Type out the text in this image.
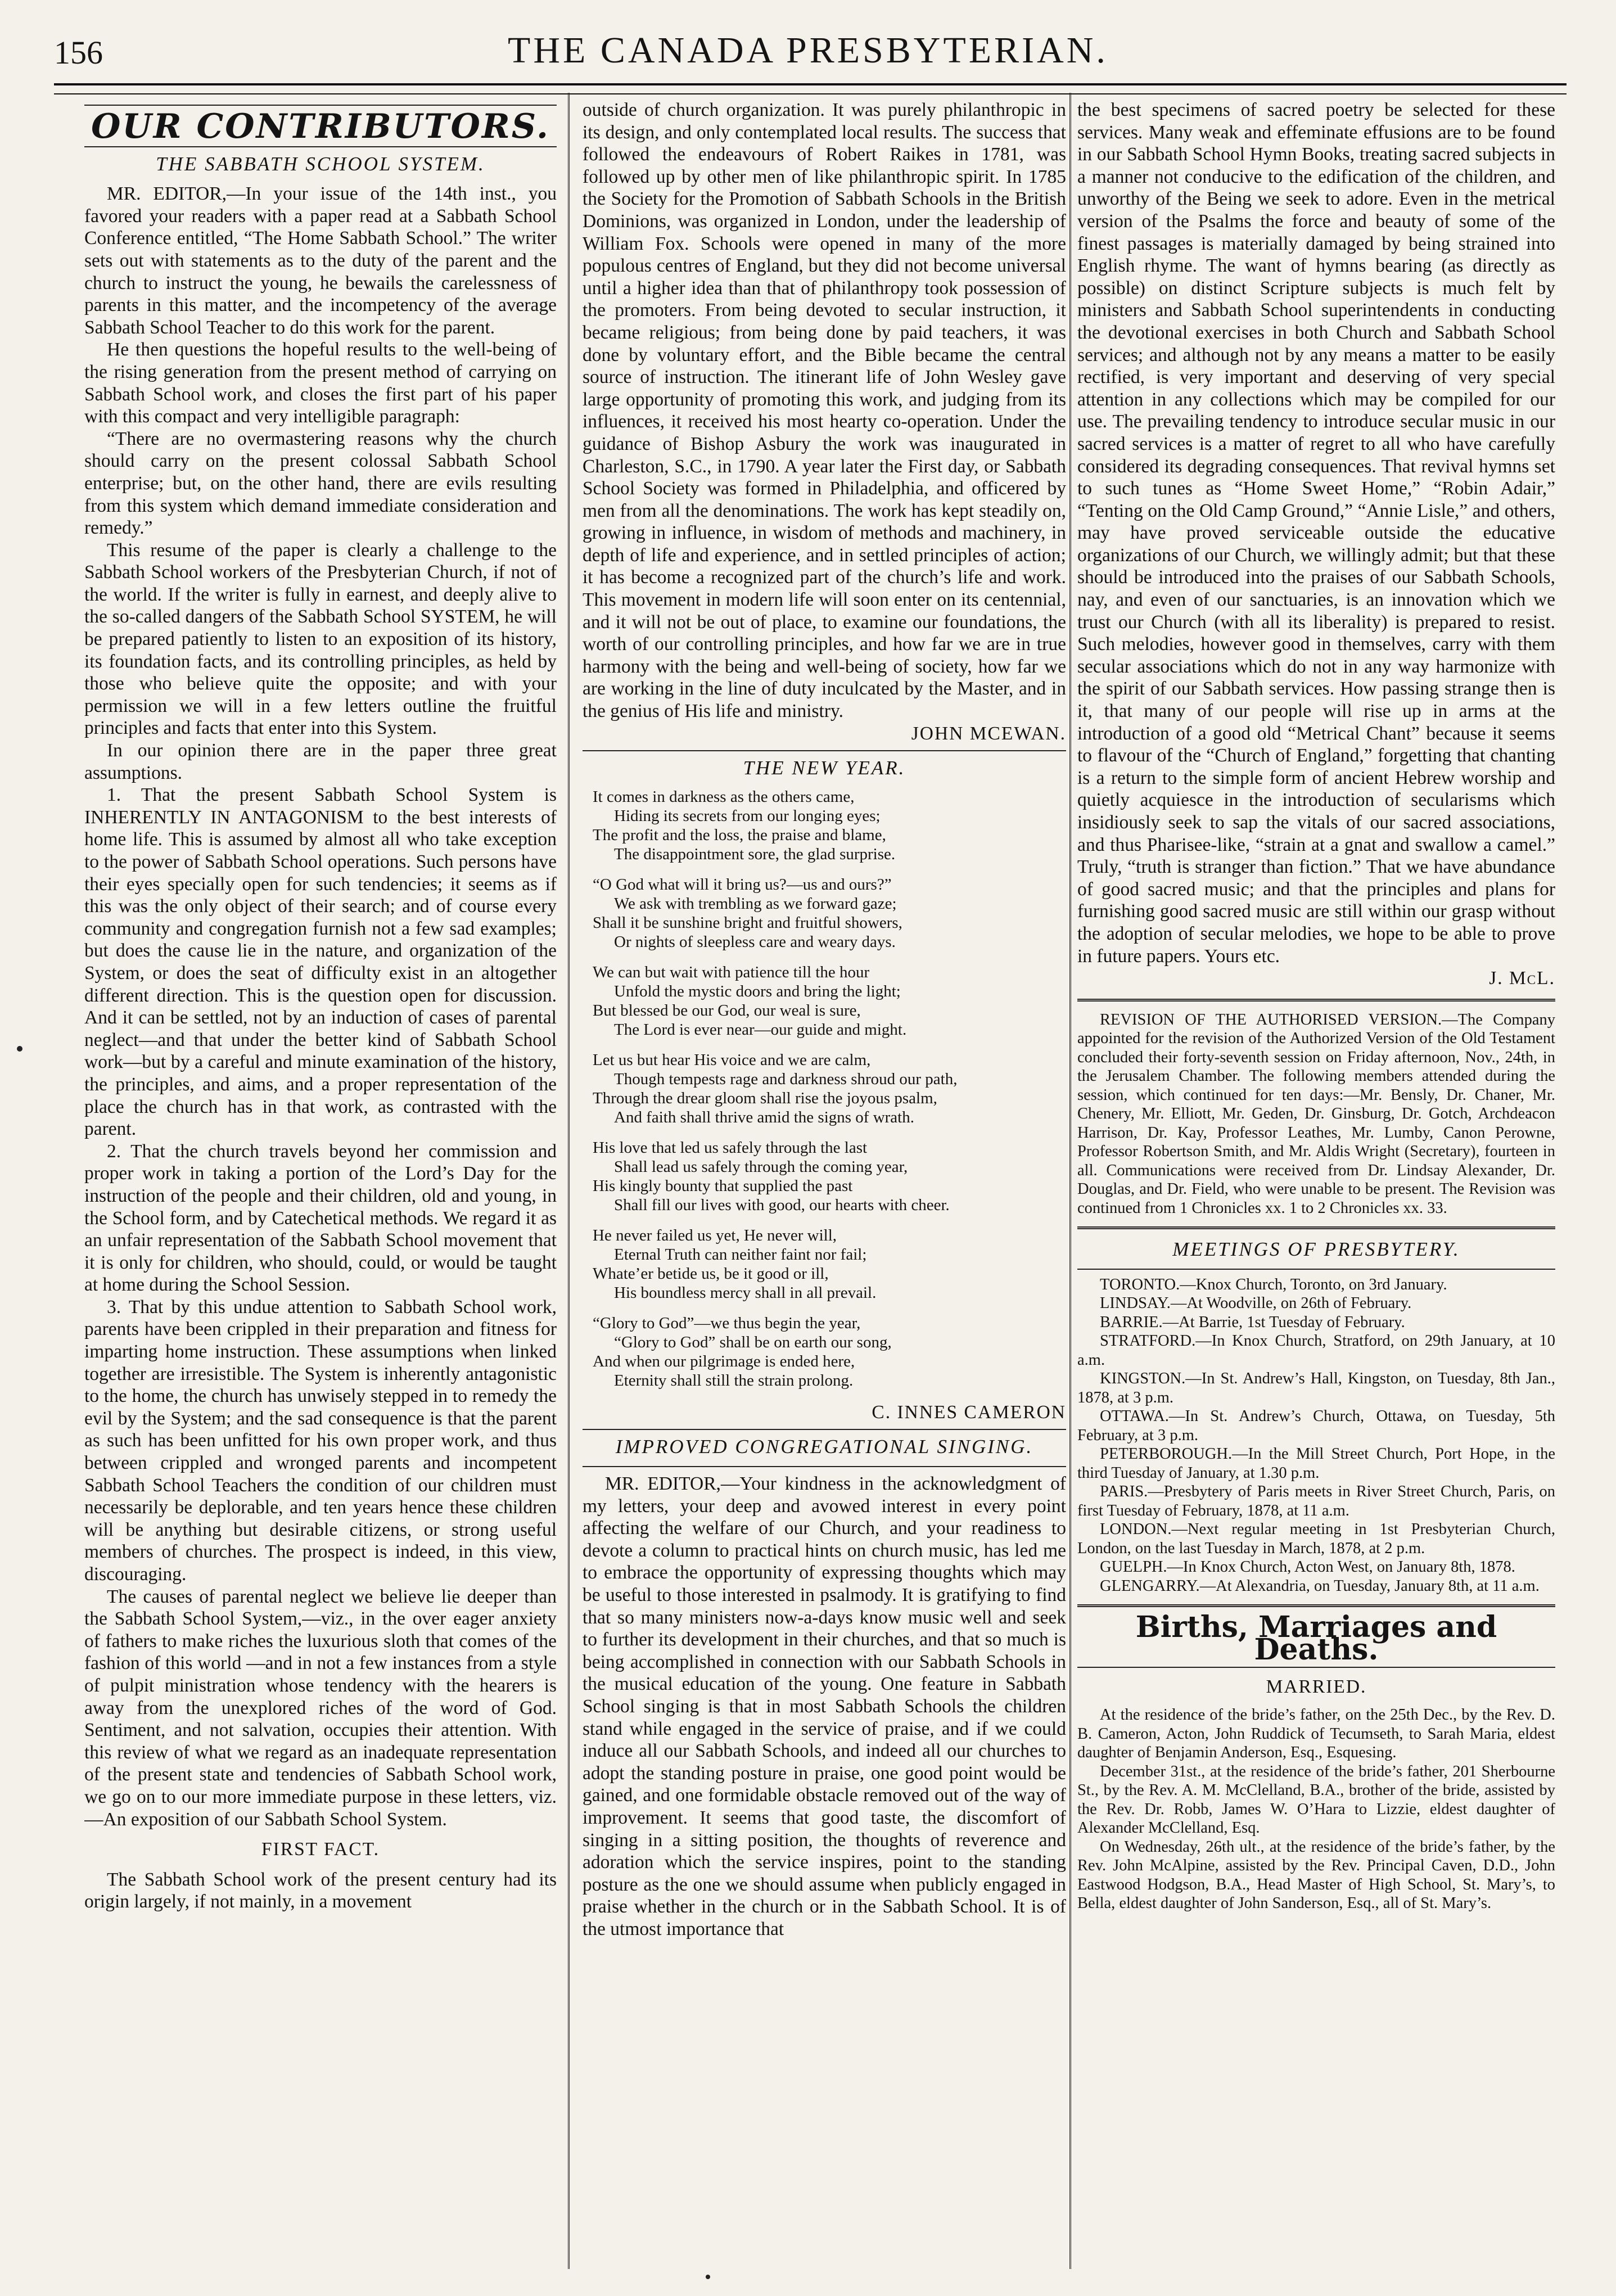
156	THE CANADA PRESBYTERIAN.
OUR CONTRIBUTORS.
THE SABBATH SCHOOL SYSTEM.

MR. EDITOR,—In your issue of the 14th inst., you favored your readers with a paper read at a Sabbath School Conference entitled, “The Home Sabbath School.” The writer sets out with statements as to the duty of the parent and the church to instruct the young, he bewails the carelessness of parents in this matter, and the incompetency of the average Sabbath School Teacher to do this work for the parent.

He then questions the hopeful results to the well-being of the rising generation from the present method of carrying on Sabbath School work, and closes the first part of his paper with this compact and very intelligible paragraph:

“There are no overmastering reasons why the church should carry on the present colossal Sabbath School enterprise; but, on the other hand, there are evils resulting from this system which demand immediate consideration and remedy.”

This resume of the paper is clearly a challenge to the Sabbath School workers of the Presbyterian Church, if not of the world. If the writer is fully in earnest, and deeply alive to the so-called dangers of the Sabbath School SYSTEM, he will be prepared patiently to listen to an exposition of its history, its foundation facts, and its controlling principles, as held by those who believe quite the opposite; and with your permission we will in a few letters outline the fruitful principles and facts that enter into this System.

In our opinion there are in the paper three great assumptions.

1. That the present Sabbath School System is INHERENTLY IN ANTAGONISM to the best interests of home life. This is assumed by almost all who take exception to the power of Sabbath School operations. Such persons have their eyes specially open for such tendencies; it seems as if this was the only object of their search; and of course every community and congregation furnish not a few sad examples; but does the cause lie in the nature, and organization of the System, or does the seat of difficulty exist in an altogether different direction. This is the question open for discussion. And it can be settled, not by an induction of cases of parental neglect—and that under the better kind of Sabbath School work—but by a careful and minute examination of the history, the principles, and aims, and a proper representation of the place the church has in that work, as contrasted with the parent.

2. That the church travels beyond her commission and proper work in taking a portion of the Lord’s Day for the instruction of the people and their children, old and young, in the School form, and by Catechetical methods. We regard it as an unfair representation of the Sabbath School movement that it is only for children, who should, could, or would be taught at home during the School Session.

3. That by this undue attention to Sabbath School work, parents have been crippled in their preparation and fitness for imparting home instruction. These assumptions when linked together are irresistible. The System is inherently antagonistic to the home, the church has unwisely stepped in to remedy the evil by the System; and the sad consequence is that the parent as such has been unfitted for his own proper work, and thus between crippled and wronged parents and incompetent Sabbath School Teachers the condition of our children must necessarily be deplorable, and ten years hence these children will be anything but desirable citizens, or strong useful members of churches. The prospect is indeed, in this view, discouraging.

The causes of parental neglect we believe lie deeper than the Sabbath School System,—viz., in the over eager anxiety of fathers to make riches the luxurious sloth that comes of the fashion of this world —and in not a few instances from a style of pulpit ministration whose tendency with the hearers is away from the unexplored riches of the word of God. Sentiment, and not salvation, occupies their attention. With this review of what we regard as an inadequate representation of the present state and tendencies of Sabbath School work, we go on to our more immediate purpose in these letters, viz.—An exposition of our Sabbath School System.

FIRST FACT.

The Sabbath School work of the present century had its origin largely, if not mainly, in a movement

outside of church organization. It was purely philanthropic in its design, and only contemplated local results. The success that followed the endeavours of Robert Raikes in 1781, was followed up by other men of like philanthropic spirit. In 1785 the Society for the Promotion of Sabbath Schools in the British Dominions, was organized in London, under the leadership of William Fox. Schools were opened in many of the more populous centres of England, but they did not become universal until a higher idea than that of philanthropy took possession of the promoters. From being devoted to secular instruction, it became religious; from being done by paid teachers, it was done by voluntary effort, and the Bible became the central source of instruction. The itinerant life of John Wesley gave large opportunity of promoting this work, and judging from its influences, it received his most hearty co-operation. Under the guidance of Bishop Asbury the work was inaugurated in Charleston, S.C., in 1790. A year later the First day, or Sabbath School Society was formed in Philadelphia, and officered by men from all the denominations. The work has kept steadily on, growing in influence, in wisdom of methods and machinery, in depth of life and experience, and in settled principles of action; it has become a recognized part of the church’s life and work. This movement in modern life will soon enter on its centennial, and it will not be out of place, to examine our foundations, the worth of our controlling principles, and how far we are in true harmony with the being and well-being of society, how far we are working in the line of duty inculcated by the Master, and in the genius of His life and ministry.

JOHN MCEWAN.
THE NEW YEAR.
It comes in darkness as the others came,
Hiding its secrets from our longing eyes;
The profit and the loss, the praise and blame,
The disappointment sore, the glad surprise.
“O God what will it bring us?—us and ours?”
We ask with trembling as we forward gaze;
Shall it be sunshine bright and fruitful showers,
Or nights of sleepless care and weary days.
We can but wait with patience till the hour
Unfold the mystic doors and bring the light;
But blessed be our God, our weal is sure,
The Lord is ever near—our guide and might.
Let us but hear His voice and we are calm,
Though tempests rage and darkness shroud our path,
Through the drear gloom shall rise the joyous psalm,
And faith shall thrive amid the signs of wrath.
His love that led us safely through the last
Shall lead us safely through the coming year,
His kingly bounty that supplied the past
Shall fill our lives with good, our hearts with cheer.
He never failed us yet, He never will,
Eternal Truth can neither faint nor fail;
Whate’er betide us, be it good or ill,
His boundless mercy shall in all prevail.
“Glory to God”—we thus begin the year,
“Glory to God” shall be on earth our song,
And when our pilgrimage is ended here,
Eternity shall still the strain prolong.
C. INNES CAMERON
IMPROVED CONGREGATIONAL SINGING.

MR. EDITOR,—Your kindness in the acknowledgment of my letters, your deep and avowed interest in every point affecting the welfare of our Church, and your readiness to devote a column to practical hints on church music, has led me to embrace the opportunity of expressing thoughts which may be useful to those interested in psalmody. It is gratifying to find that so many ministers now-a-days know music well and seek to further its development in their churches, and that so much is being accomplished in connection with our Sabbath Schools in the musical education of the young. One feature in Sabbath School singing is that in most Sabbath Schools the children stand while engaged in the service of praise, and if we could induce all our Sabbath Schools, and indeed all our churches to adopt the standing posture in praise, one good point would be gained, and one formidable obstacle removed out of the way of improvement. It seems that good taste, the discomfort of singing in a sitting position, the thoughts of reverence and adoration which the service inspires, point to the standing posture as the one we should assume when publicly engaged in praise whether in the church or in the Sabbath School. It is of the utmost importance that

the best specimens of sacred poetry be selected for these services. Many weak and effeminate effusions are to be found in our Sabbath School Hymn Books, treating sacred subjects in a manner not conducive to the edification of the children, and unworthy of the Being we seek to adore. Even in the metrical version of the Psalms the force and beauty of some of the finest passages is materially damaged by being strained into English rhyme. The want of hymns bearing (as directly as possible) on distinct Scripture subjects is much felt by ministers and Sabbath School superintendents in conducting the devotional exercises in both Church and Sabbath School services; and although not by any means a matter to be easily rectified, is very important and deserving of very special attention in any collections which may be compiled for our use. The prevailing tendency to introduce secular music in our sacred services is a matter of regret to all who have carefully considered its degrading consequences. That revival hymns set to such tunes as “Home Sweet Home,” “Robin Adair,” “Tenting on the Old Camp Ground,” “Annie Lisle,” and others, may have proved serviceable outside the educative organizations of our Church, we willingly admit; but that these should be introduced into the praises of our Sabbath Schools, nay, and even of our sanctuaries, is an innovation which we trust our Church (with all its liberality) is prepared to resist. Such melodies, however good in themselves, carry with them secular associations which do not in any way harmonize with the spirit of our Sabbath services. How passing strange then is it, that many of our people will rise up in arms at the introduction of a good old “Metrical Chant” because it seems to flavour of the “Church of England,” forgetting that chanting is a return to the simple form of ancient Hebrew worship and quietly acquiesce in the introduction of secularisms which insidiously seek to sap the vitals of our sacred associations, and thus Pharisee-like, “strain at a gnat and swallow a camel.” Truly, “truth is stranger than fiction.” That we have abundance of good sacred music; and that the principles and plans for furnishing good sacred music are still within our grasp without the adoption of secular melodies, we hope to be able to prove in future papers. Yours etc.

J. McL.

REVISION OF THE AUTHORISED VERSION.—The Company appointed for the revision of the Authorized Version of the Old Testament concluded their forty-seventh session on Friday afternoon, Nov., 24th, in the Jerusalem Chamber. The following members attended during the session, which continued for ten days:—Mr. Bensly, Dr. Chaner, Mr. Chenery, Mr. Elliott, Mr. Geden, Dr. Ginsburg, Dr. Gotch, Archdeacon Harrison, Dr. Kay, Professor Leathes, Mr. Lumby, Canon Perowne, Professor Robertson Smith, and Mr. Aldis Wright (Secretary), fourteen in all. Communications were received from Dr. Lindsay Alexander, Dr. Douglas, and Dr. Field, who were unable to be present. The Revision was continued from 1 Chronicles xx. 1 to 2 Chronicles xx. 33.

MEETINGS OF PRESBYTERY.

TORONTO.—Knox Church, Toronto, on 3rd January.

LINDSAY.—At Woodville, on 26th of February.

BARRIE.—At Barrie, 1st Tuesday of February.

STRATFORD.—In Knox Church, Stratford, on 29th January, at 10 a.m.

KINGSTON.—In St. Andrew’s Hall, Kingston, on Tuesday, 8th Jan., 1878, at 3 p.m.

OTTAWA.—In St. Andrew’s Church, Ottawa, on Tuesday, 5th February, at 3 p.m.

PETERBOROUGH.—In the Mill Street Church, Port Hope, in the third Tuesday of January, at 1.30 p.m.

PARIS.—Presbytery of Paris meets in River Street Church, Paris, on first Tuesday of February, 1878, at 11 a.m.

LONDON.—Next regular meeting in 1st Presbyterian Church, London, on the last Tuesday in March, 1878, at 2 p.m.

GUELPH.—In Knox Church, Acton West, on January 8th, 1878.

GLENGARRY.—At Alexandria, on Tuesday, January 8th, at 11 a.m.

Births, Marriages and Deaths.
MARRIED.

At the residence of the bride’s father, on the 25th Dec., by the Rev. D. B. Cameron, Acton, John Ruddick of Tecumseth, to Sarah Maria, eldest daughter of Benjamin Anderson, Esq., Esquesing.

December 31st., at the residence of the bride’s father, 201 Sherbourne St., by the Rev. A. M. McClelland, B.A., brother of the bride, assisted by the Rev. Dr. Robb, James W. O’Hara to Lizzie, eldest daughter of Alexander McClelland, Esq.

On Wednesday, 26th ult., at the residence of the bride’s father, by the Rev. John McAlpine, assisted by the Rev. Principal Caven, D.D., John Eastwood Hodgson, B.A., Head Master of High School, St. Mary’s, to Bella, eldest daughter of John Sanderson, Esq., all of St. Mary’s.
